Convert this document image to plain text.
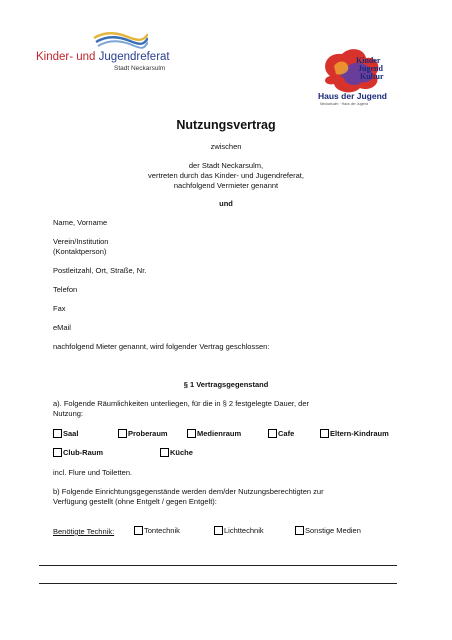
Kinder- und Jugendreferat
Stadt Neckarsulm
Kinder
Jugend
Kultur
Haus der Jugend
Neckarsulm · Haus der Jugend
Nutzungsvertrag
zwischen
der Stadt Neckarsulm,
vertreten durch das Kinder- und Jugendreferat,
nachfolgend Vermieter genannt
und
Name, Vorname
Verein/Institution
(Kontaktperson)
Postleitzahl, Ort, Straße, Nr.
Telefon
Fax
eMail
nachfolgend Mieter genannt, wird folgender Vertrag geschlossen:
§ 1 Vertragsgegenstand
a). Folgende Räumlichkeiten unterliegen, für die in § 2 festgelegte Dauer, der
Nutzung:
Saal	Proberaum	Medienraum	Cafe	Eltern-Kindraum
Club-Raum	Küche
incl. Flure und Toiletten.
b) Folgende Einrichtungsgegenstände werden dem/der Nutzungsberechtigten zur
Verfügung gestellt (ohne Entgelt / gegen Entgelt):
Benötigte Technik:	Tontechnik	Lichttechnik	Sonstige Medien
